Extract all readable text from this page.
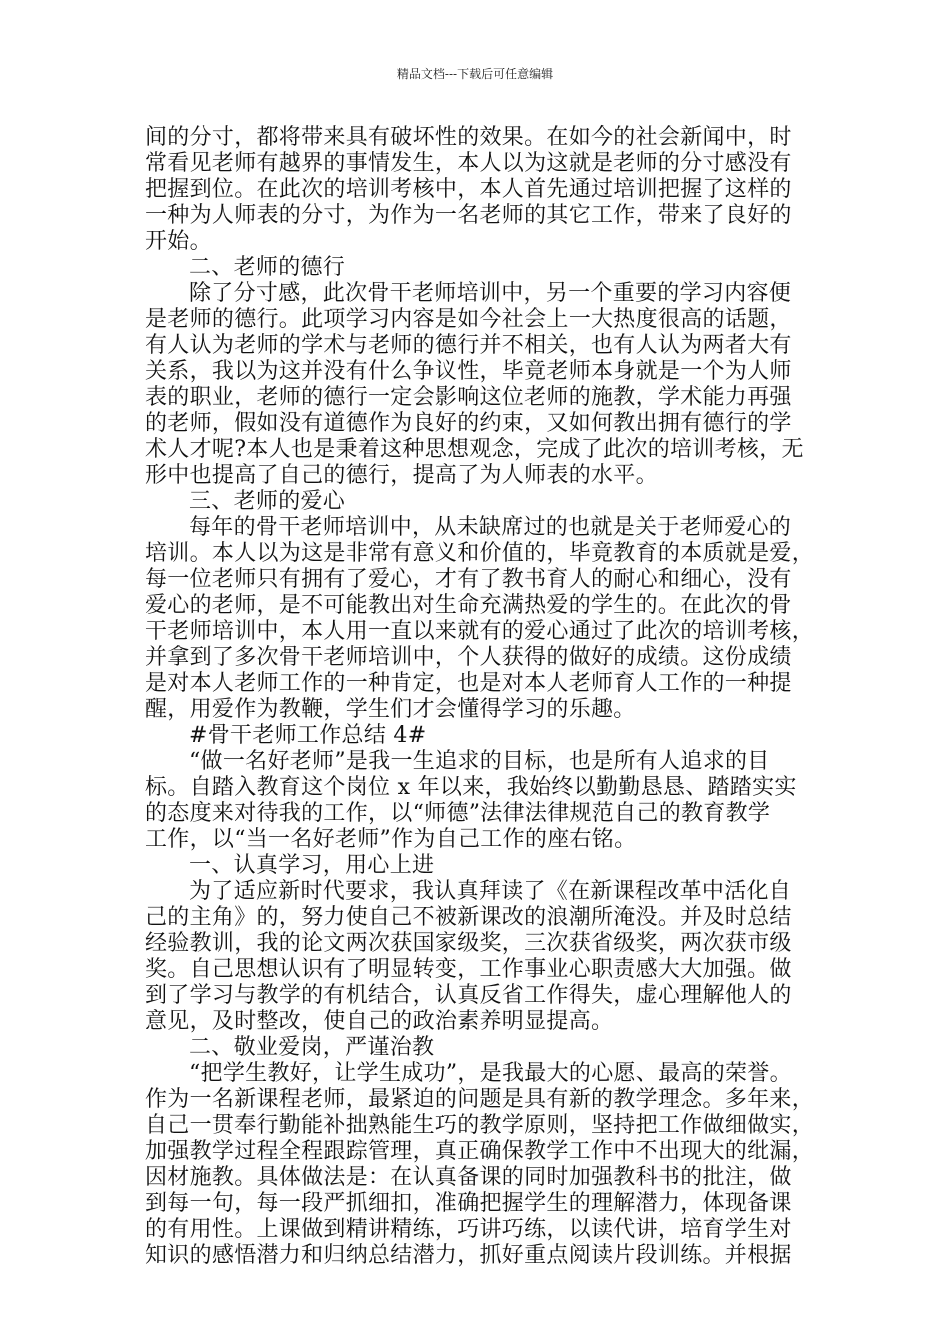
精品文档---下载后可任意编辑
间的分寸，都将带来具有破坏性的效果。在如今的社会新闻中，时
常看见老师有越界的事情发生，本人以为这就是老师的分寸感没有
把握到位。在此次的培训考核中，本人首先通过培训把握了这样的
一种为人师表的分寸，为作为一名老师的其它工作，带来了良好的
开始。
二、老师的德行
除了分寸感，此次骨干老师培训中，另一个重要的学习内容便
是老师的德行。此项学习内容是如今社会上一大热度很高的话题，
有人认为老师的学术与老师的德行并不相关，也有人认为两者大有
关系，我以为这并没有什么争议性，毕竟老师本身就是一个为人师
表的职业，老师的德行一定会影响这位老师的施教，学术能力再强
的老师，假如没有道德作为良好的约束，又如何教出拥有德行的学
术人才呢?本人也是秉着这种思想观念，完成了此次的培训考核，无
形中也提高了自己的德行，提高了为人师表的水平。
三、老师的爱心
每年的骨干老师培训中，从未缺席过的也就是关于老师爱心的
培训。本人以为这是非常有意义和价值的，毕竟教育的本质就是爱，
每一位老师只有拥有了爱心，才有了教书育人的耐心和细心，没有
爱心的老师，是不可能教出对生命充满热爱的学生的。在此次的骨
干老师培训中，本人用一直以来就有的爱心通过了此次的培训考核，
并拿到了多次骨干老师培训中，个人获得的做好的成绩。这份成绩
是对本人老师工作的一种肯定，也是对本人老师育人工作的一种提
醒，用爱作为教鞭，学生们才会懂得学习的乐趣。
#骨干老师工作总结 4#
“做一名好老师”是我一生追求的目标，也是所有人追求的目
标。自踏入教育这个岗位 x 年以来，我始终以勤勤恳恳、踏踏实实
的态度来对待我的工作，以“师德”法律法律规范自己的教育教学
工作，以“当一名好老师”作为自己工作的座右铭。
一、认真学习，用心上进
为了适应新时代要求，我认真拜读了《在新课程改革中活化自
己的主角》的，努力使自己不被新课改的浪潮所淹没。并及时总结
经验教训，我的论文两次获国家级奖，三次获省级奖，两次获市级
奖。自己思想认识有了明显转变，工作事业心职责感大大加强。做
到了学习与教学的有机结合，认真反省工作得失，虚心理解他人的
意见，及时整改，使自己的政治素养明显提高。
二、敬业爱岗，严谨治教
“把学生教好，让学生成功”，是我最大的心愿、最高的荣誉。
作为一名新课程老师，最紧迫的问题是具有新的教学理念。多年来，
自己一贯奉行勤能补拙熟能生巧的教学原则，坚持把工作做细做实，
加强教学过程全程跟踪管理，真正确保教学工作中不出现大的纰漏，
因材施教。具体做法是：在认真备课的同时加强教科书的批注，做
到每一句，每一段严抓细扣，准确把握学生的理解潜力，体现备课
的有用性。上课做到精讲精练，巧讲巧练，以读代讲，培育学生对
知识的感悟潜力和归纳总结潜力，抓好重点阅读片段训练。并根据
